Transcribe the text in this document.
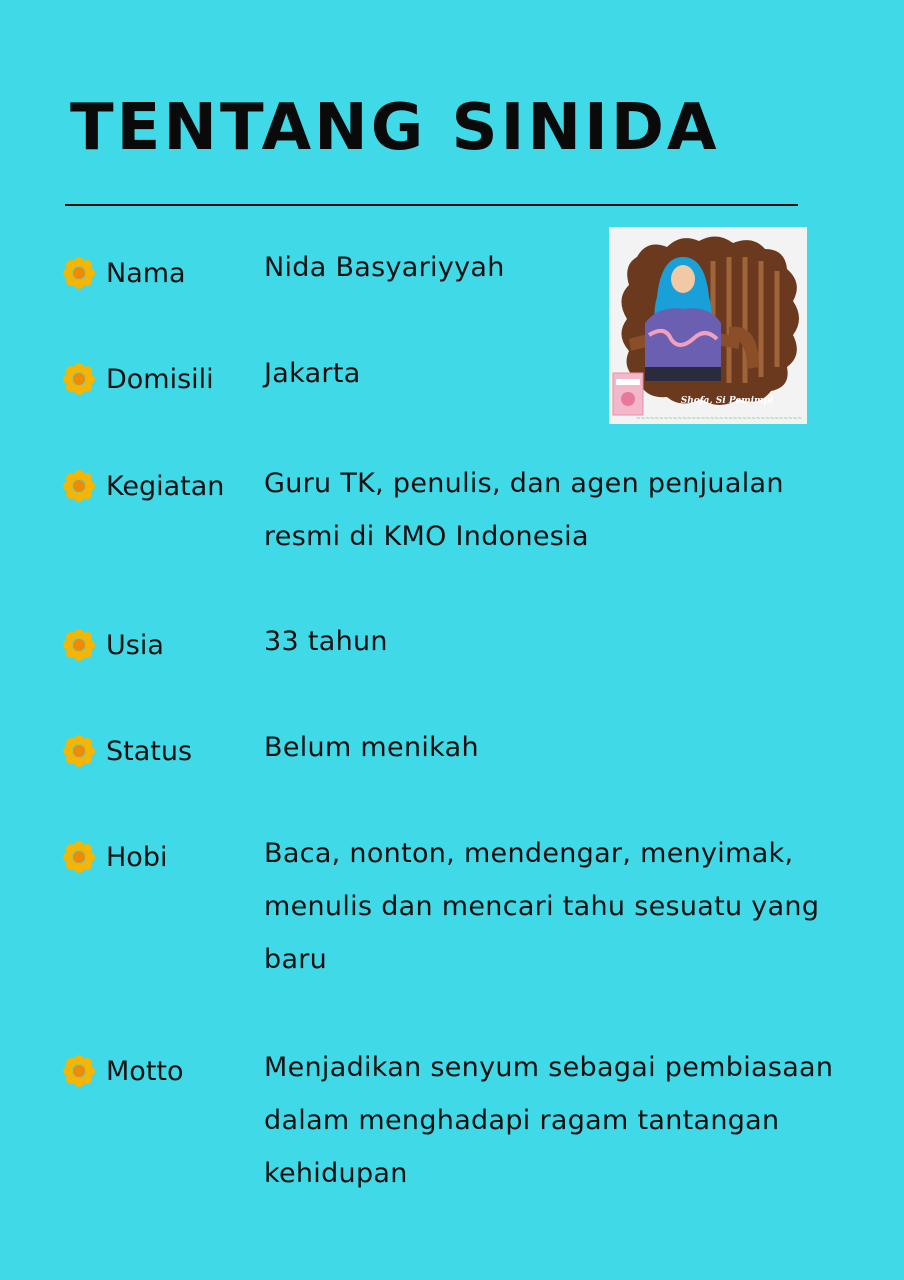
TENTANG SINIDA
Shofa, Si Pemimpi
~~~~~~~~~~~~~~~~~~~~~~~~~~~~~~~~~~~~
Nama	Nida Basyariyyah
Domisili Jakarta
Kegiatan Guru TK, penulis, dan agen penjualan resmi di KMO Indonesia
Usia	33 tahun
Status	Belum menikah
Hobi	Baca, nonton, mendengar, menyimak, menulis dan mencari tahu sesuatu yang baru
Motto	Menjadikan senyum sebagai pembiasaan dalam menghadapi ragam tantangan kehidupan
